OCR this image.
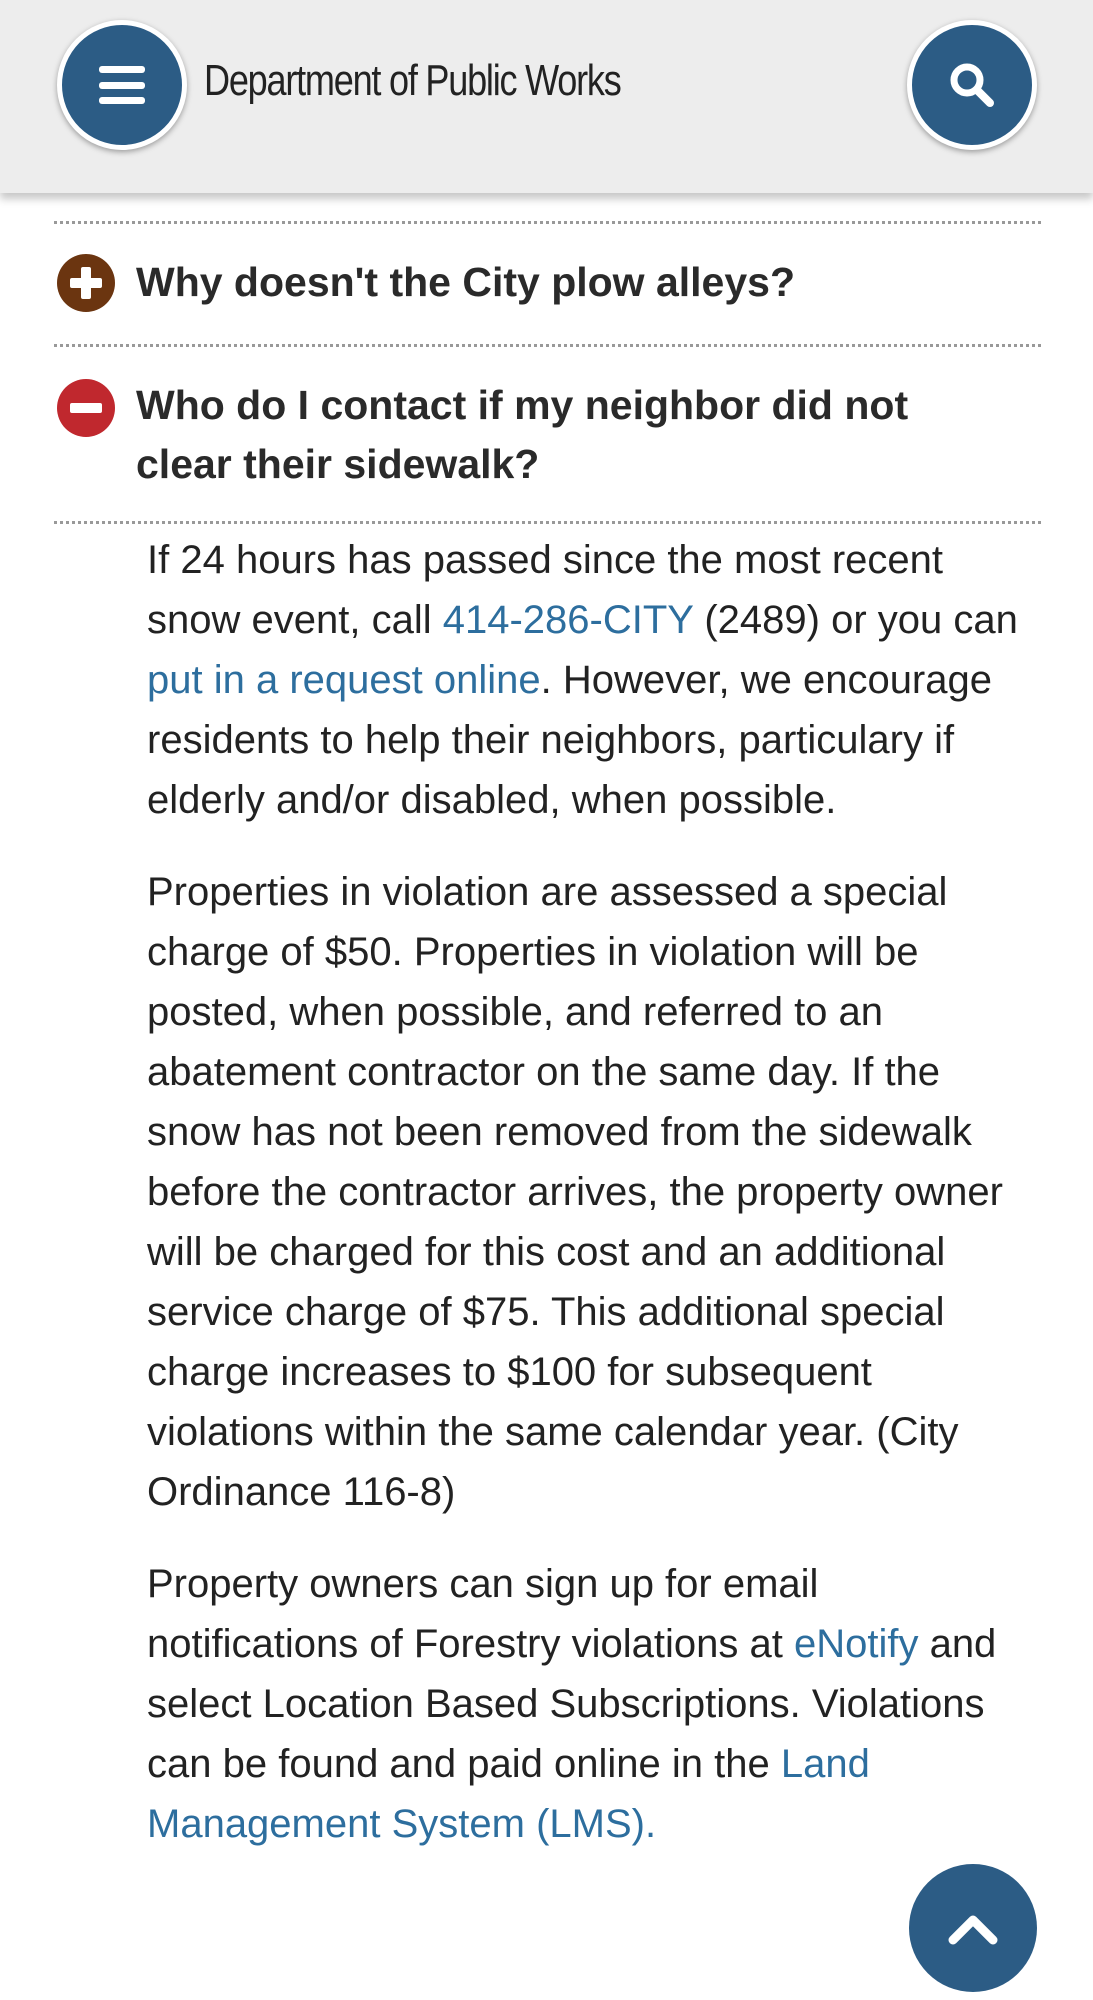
Department of Public Works
Why doesn't the City plow alleys?
Who do I contact if my neighbor did not clear their sidewalk?

If 24 hours has passed since the most recent snow event, call 414-286-CITY (2489) or you can put in a request online. However, we encourage residents to help their neighbors, particulary if elderly and/or disabled, when possible.

Properties in violation are assessed a special charge of $50. Properties in violation will be posted, when possible, and referred to an abatement contractor on the same day. If the snow has not been removed from the sidewalk before the contractor arrives, the property owner will be charged for this cost and an additional service charge of $75. This additional special charge increases to $100 for subsequent violations within the same calendar year. (City Ordinance 116-8)

Property owners can sign up for email notifications of Forestry violations at eNotify and select Location Based Subscriptions. Violations can be found and paid online in the Land Management System (LMS).
